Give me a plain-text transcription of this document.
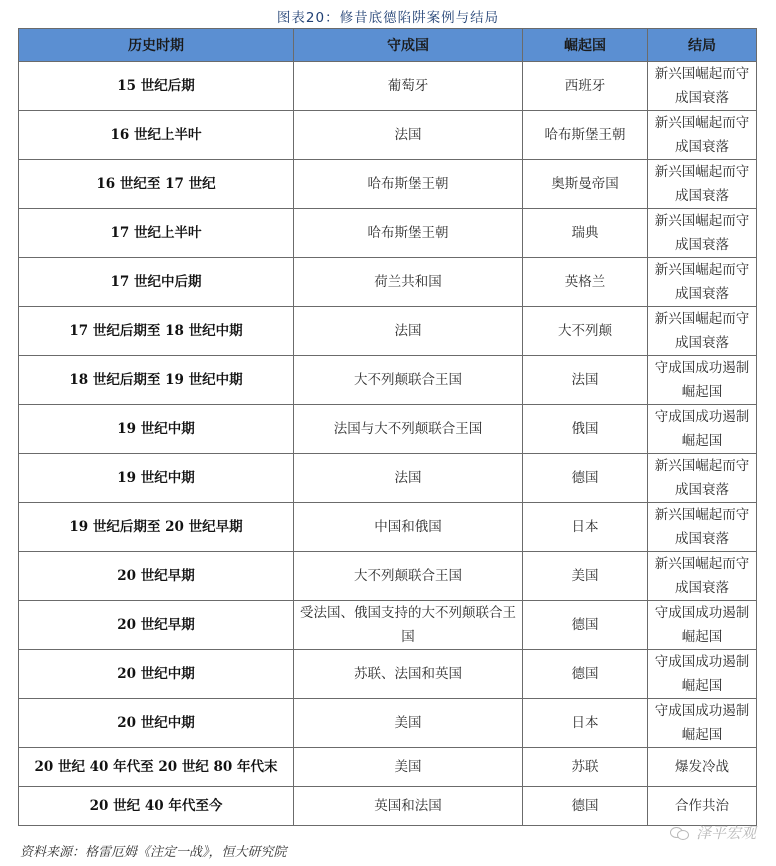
图表20：修昔底德陷阱案例与结局
历史时期	守成国	崛起国	结局
15 世纪后期	葡萄牙	西班牙	新兴国崛起而守成国衰落
16 世纪上半叶	法国	哈布斯堡王朝	新兴国崛起而守成国衰落
16 世纪至 17 世纪	哈布斯堡王朝	奥斯曼帝国	新兴国崛起而守成国衰落
17 世纪上半叶	哈布斯堡王朝	瑞典	新兴国崛起而守成国衰落
17 世纪中后期	荷兰共和国	英格兰	新兴国崛起而守成国衰落
17 世纪后期至 18 世纪中期	法国	大不列颠	新兴国崛起而守成国衰落
18 世纪后期至 19 世纪中期	大不列颠联合王国	法国	守成国成功遏制崛起国
19 世纪中期	法国与大不列颠联合王国	俄国	守成国成功遏制崛起国
19 世纪中期	法国	德国	新兴国崛起而守成国衰落
19 世纪后期至 20 世纪早期	中国和俄国	日本	新兴国崛起而守成国衰落
20 世纪早期	大不列颠联合王国	美国	新兴国崛起而守成国衰落
20 世纪早期	受法国、俄国支持的大不列颠联合王国	德国	守成国成功遏制崛起国
20 世纪中期	苏联、法国和英国	德国	守成国成功遏制崛起国
20 世纪中期	美国	日本	守成国成功遏制崛起国
20 世纪 40 年代至 20 世纪 80 年代末	美国	苏联	爆发冷战
20 世纪 40 年代至今	英国和法国	德国	合作共治
资料来源：格雷厄姆《注定一战》，恒大研究院
泽平宏观
